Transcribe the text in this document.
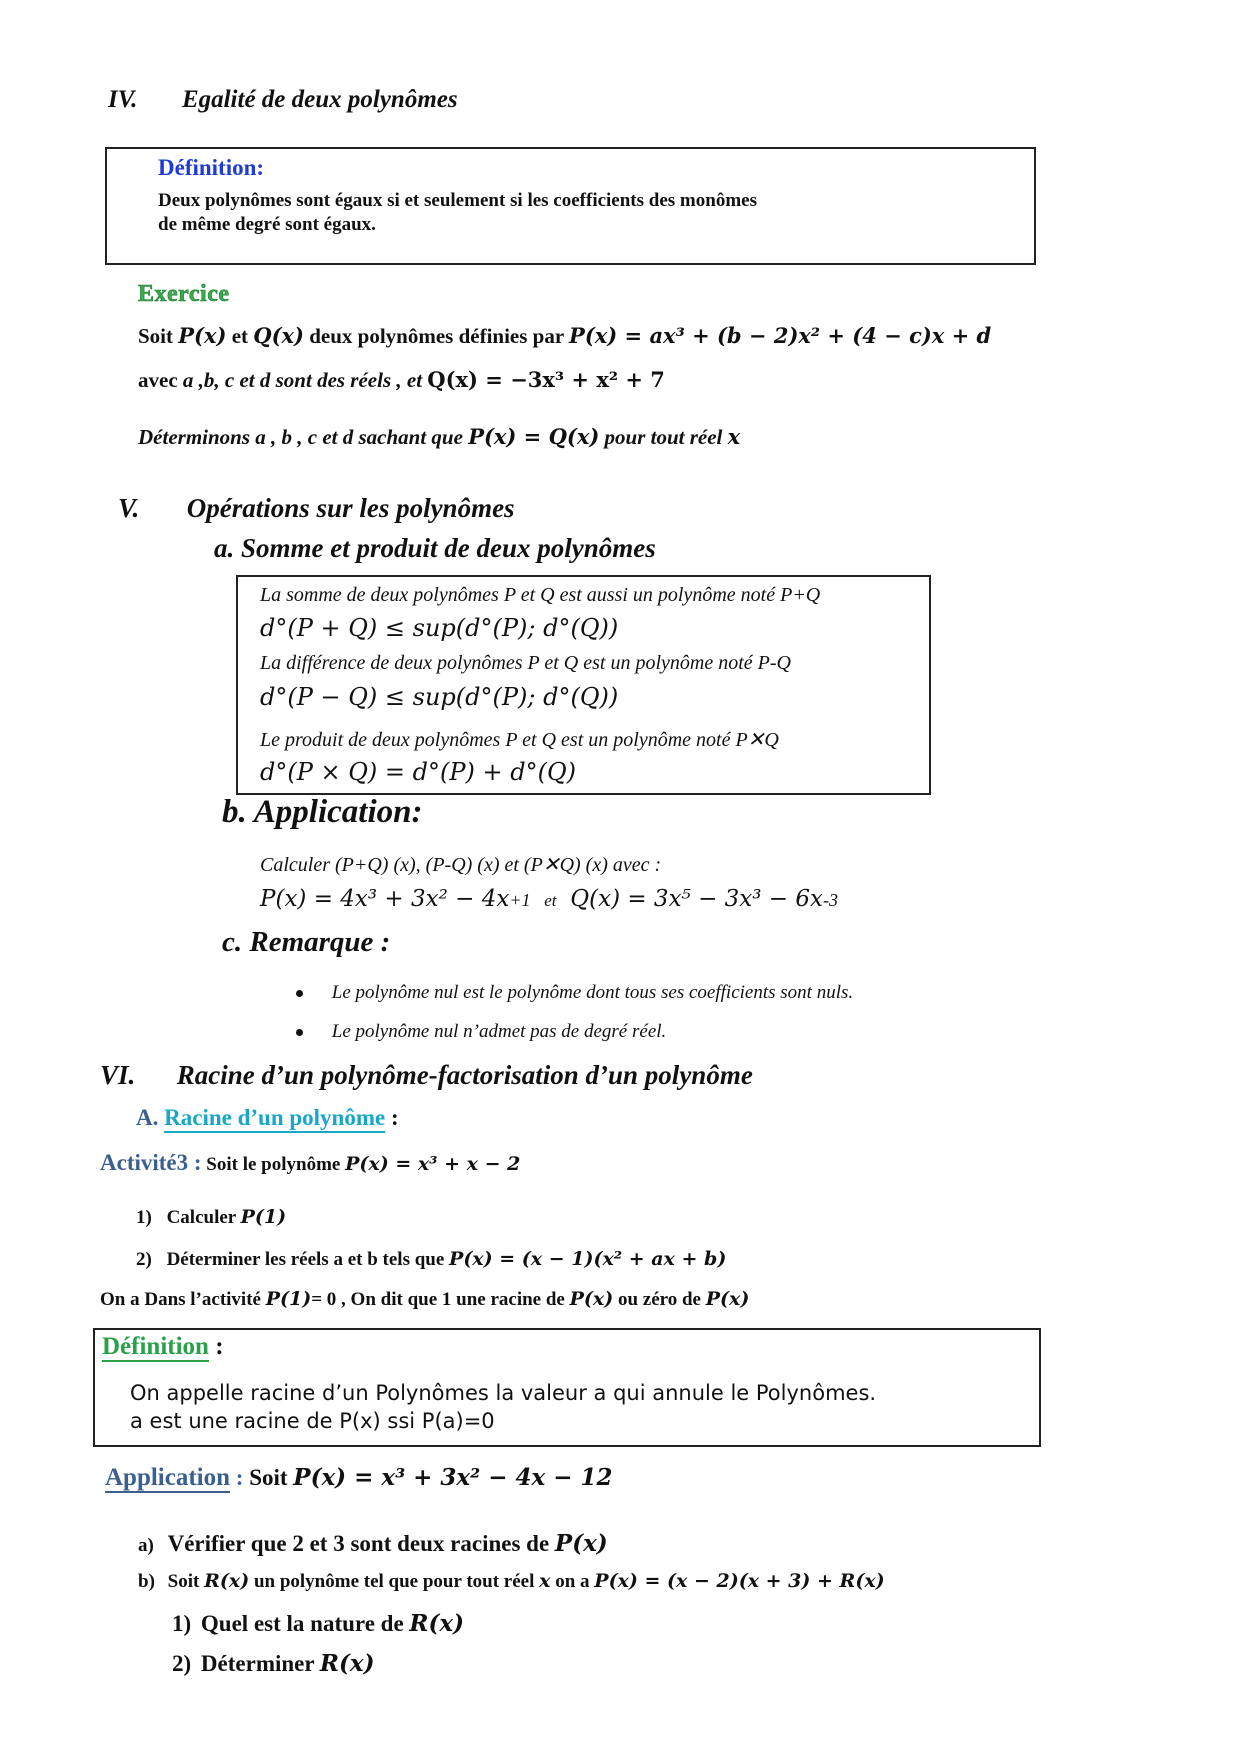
IV. Egalité de deux polynômes
Définition:
Deux polynômes sont égaux si et seulement si les coefficients des monômes
de même degré sont égaux.
Exercice
Soit P(x) et Q(x) deux polynômes définies par P(x) = ax³ + (b − 2)x² + (4 − c)x + d
avec a ,b, c et d sont des réels , et Q(x) = −3x³ + x² + 7
Déterminons a , b , c et d sachant que P(x) = Q(x) pour tout réel x
V. Opérations sur les polynômes
a. Somme et produit de deux polynômes
La somme de deux polynômes P et Q est aussi un polynôme noté P+Q
d°(P + Q) ≤ sup(d°(P); d°(Q))
La différence de deux polynômes P et Q est un polynôme noté P-Q
d°(P − Q) ≤ sup(d°(P); d°(Q))
Le produit de deux polynômes P et Q est un polynôme noté P✕Q
d°(P × Q) = d°(P) + d°(Q)
b. Application:
Calculer (P+Q) (x), (P-Q) (x) et (P✕Q) (x) avec :
P(x) = 4x³ + 3x² − 4x+1 et Q(x) = 3x⁵ − 3x³ − 6x-3
c. Remarque :
Le polynôme nul est le polynôme dont tous ses coefficients sont nuls.
Le polynôme nul n’admet pas de degré réel.
VI. Racine d’un polynôme-factorisation d’un polynôme
A. Racine d’un polynôme :
Activité3 : Soit le polynôme P(x) = x³ + x − 2
1) Calculer P(1)
2) Déterminer les réels a et b tels que P(x) = (x − 1)(x² + ax + b)
On a Dans l’activité P(1)= 0 , On dit que 1 une racine de P(x) ou zéro de P(x)
Définition :
On appelle racine d’un Polynômes la valeur a qui annule le Polynômes.
a est une racine de P(x) ssi P(a)=0
Application : Soit P(x) = x³ + 3x² − 4x − 12
a) Vérifier que 2 et 3 sont deux racines de P(x)
b) Soit R(x) un polynôme tel que pour tout réel x on a P(x) = (x − 2)(x + 3) + R(x)
1) Quel est la nature de R(x)
2) Déterminer R(x)
